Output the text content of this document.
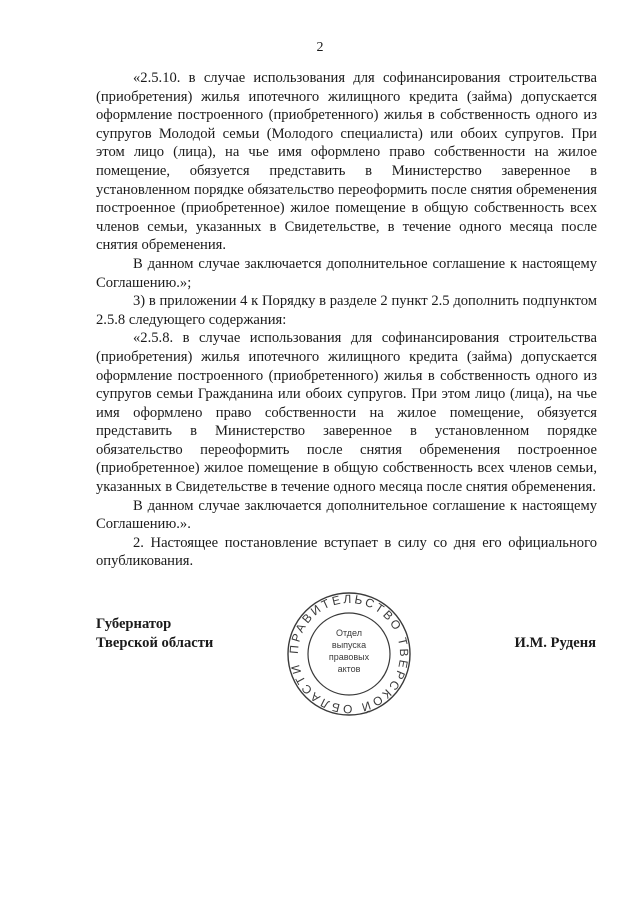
2

«2.5.10. в случае использования для софинансирования строительства (приобретения) жилья ипотечного жилищного кредита (займа) допускается оформление построенного (приобретенного) жилья в собственность одного из супругов Молодой семьи (Молодого специалиста) или обоих супругов. При этом лицо (лица), на чье имя оформлено право собственности на жилое помещение, обязуется представить в Министерство заверенное в установленном порядке обязательство переоформить после снятия обременения построенное (приобретенное) жилое помещение в общую собственность всех членов семьи, указанных в Свидетельстве, в течение одного месяца после снятия обременения.

В данном случае заключается дополнительное соглашение к настоящему Соглашению.»;

3) в приложении 4 к Порядку в разделе 2 пункт 2.5 дополнить подпунктом 2.5.8 следующего содержания:

«2.5.8. в случае использования для софинансирования строительства (приобретения) жилья ипотечного жилищного кредита (займа) допускается оформление построенного (приобретенного) жилья в собственность одного из супругов семьи Гражданина или обоих супругов. При этом лицо (лица), на чье имя оформлено право собственности на жилое помещение, обязуется представить в Министерство заверенное в установленном порядке обязательство переоформить после снятия обременения построенное (приобретенное) жилое помещение в общую собственность всех членов семьи, указанных в Свидетельстве в течение одного месяца после снятия обременения.

В данном случае заключается дополнительное соглашение к настоящему Соглашению.».

2. Настоящее постановление вступает в силу со дня его официального опубликования.

Губернатор
Тверской области	ПРАВИТЕЛЬСТВО ТВЕРСКОЙ ОБЛАСТИ
Отдел
выпуска
правовых
актов
И.М. Руденя
